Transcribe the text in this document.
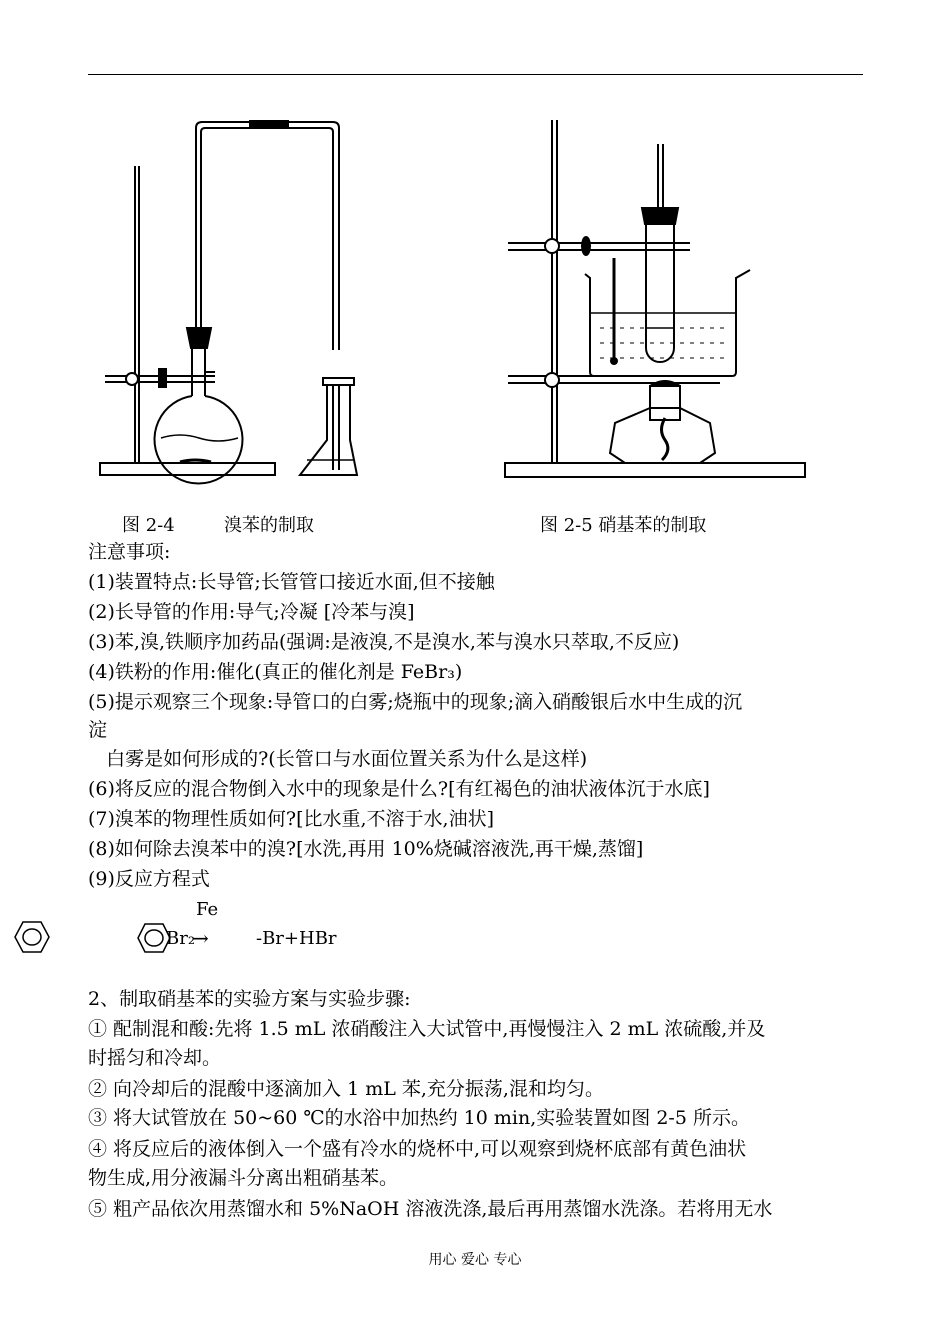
图 2-4	溴苯的制取	图 2-5 硝基苯的制取
注意事项:
(1)装置特点:长导管;长管管口接近水面,但不接触
(2)长导管的作用:导气;冷凝 [冷苯与溴]
(3)苯,溴,铁顺序加药品(强调:是液溴,不是溴水,苯与溴水只萃取,不反应)
(4)铁粉的作用:催化(真正的催化剂是 FeBr₃)
(5)提示观察三个现象:导管口的白雾;烧瓶中的现象;滴入硝酸银后水中生成的沉
淀
白雾是如何形成的?(长管口与水面位置关系为什么是这样)
(6)将反应的混合物倒入水中的现象是什么?[有红褐色的油状液体沉于水底]
(7)溴苯的物理性质如何?[比水重,不溶于水,油状]
(8)如何除去溴苯中的溴?[水洗,再用 10%烧碱溶液洗,再干燥,蒸馏]
(9)反应方程式
Fe
Br₂
→	-Br+HBr
2、制取硝基苯的实验方案与实验步骤:
① 配制混和酸:先将 1.5 mL 浓硝酸注入大试管中,再慢慢注入 2 mL 浓硫酸,并及
时摇匀和冷却。
② 向冷却后的混酸中逐滴加入 1 mL 苯,充分振荡,混和均匀。
③ 将大试管放在 50~60 ℃的水浴中加热约 10 min,实验装置如图 2-5 所示。
④ 将反应后的液体倒入一个盛有冷水的烧杯中,可以观察到烧杯底部有黄色油状
物生成,用分液漏斗分离出粗硝基苯。
⑤ 粗产品依次用蒸馏水和 5%NaOH 溶液洗涤,最后再用蒸馏水洗涤。若将用无水
用心 爱心 专心
